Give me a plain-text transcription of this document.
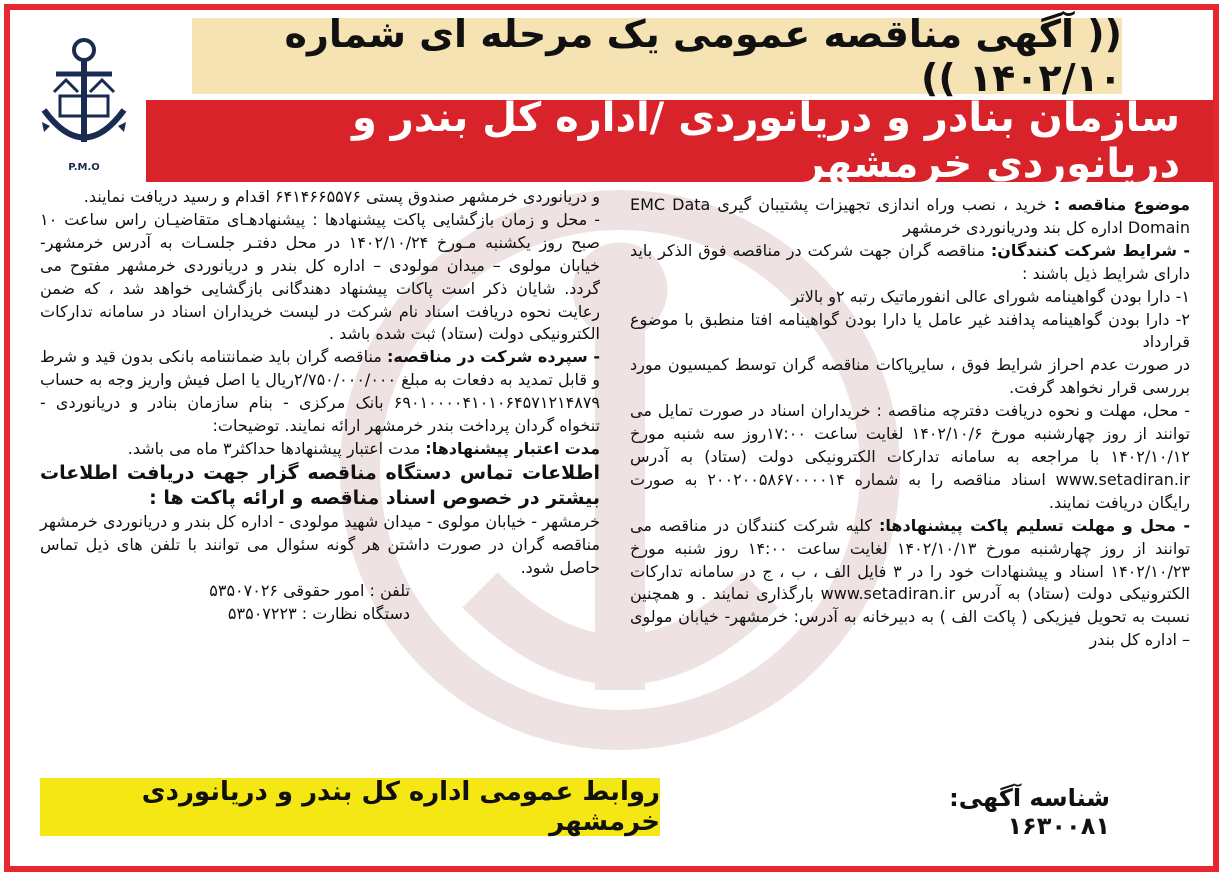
P.M.O
(( آگهی مناقصه عمومی یک مرحله ای شماره ۱۴۰۲/۱۰ ))
سازمان بنادر و دریانوردی /اداره کل بندر و دریانوردی خرمشهر

موضوع مناقصه : خرید ، نصب وراه اندازی تجهیزات پشتیبان گیری EMC Data Domain اداره کل بند ودریانوردی خرمشهر

- شرایط شرکت کنندگان: مناقصه گران جهت شرکت در مناقصه فوق الذکر باید دارای شرایط ذیل باشند :

۱- دارا بودن گواهینامه شورای عالی انفورماتیک رتبه ۲و بالاتر

۲- دارا بودن گواهینامه پدافند غیر عامل یا دارا بودن گواهینامه افتا منطبق با موضوع قرارداد

در صورت عدم احراز شرایط فوق ، سایرپاکات مناقصه گران توسط کمیسیون مورد بررسی قرار نخواهد گرفت.

- محل، مهلت و نحوه دریافت دفترچه مناقصه : خریداران اسناد در صورت تمایل می توانند از روز چهارشنبه مورخ ۱۴۰۲/۱۰/۶ لغایت ساعت ۱۷:۰۰روز سه شنبه مورخ ۱۴۰۲/۱۰/۱۲ با مراجعه به سامانه تدارکات الکترونیکی دولت (ستاد) به آدرس www.setadiran.ir اسناد مناقصه را به شماره ۲۰۰۲۰۰۵۸۶۷۰۰۰۰۱۴ به صورت رایگان دریافت نمایند.

- محل و مهلت تسلیم پاکت پیشنهادها: کلیه شرکت کنندگان در مناقصه می توانند از روز چهارشنبه مورخ ۱۴۰۲/۱۰/۱۳ لغایت ساعت ۱۴:۰۰ روز شنبه مورخ ۱۴۰۲/۱۰/۲۳ اسناد و پیشنهادات خود را در ۳ فایل الف ، ب ، ج در سامانه تدارکات الکترونیکی دولت (ستاد) به آدرس www.setadiran.ir بارگذاری نمایند . و همچنین نسبت به تحویل فیزیکی ( پاکت الف ) به دبیرخانه به آدرس: خرمشهر- خیابان مولوی – اداره کل بندر

و دریانوردی خرمشهر صندوق پستی ۶۴۱۴۶۶۵۵۷۶ اقدام و رسید دریافت نمایند.

- محل و زمان بازگشایی پاکت پیشنهادها : پیشنهادهـای متقاضیـان راس ساعت ۱۰ صبح روز یکشنبه مـورخ ۱۴۰۲/۱۰/۲۴ در محل دفتـر جلسـات به آدرس خرمشهر- خیابان مولوی – میدان مولودی – اداره کل بندر و دریانوردی خرمشهر مفتوح می گردد. شایان ذکر است پاکات پیشنهاد دهندگانی بازگشایی خواهد شد ، که ضمن رعایت نحوه دریافت اسناد نام شرکت در لیست خریداران اسناد در سامانه تدارکات الکترونیکی دولت (ستاد) ثبت شده باشد .

- سپرده شرکت در مناقصه: مناقصه گران باید ضمانتنامه بانکی بدون قید و شرط و قابل تمدید به دفعات به مبلغ ۲/۷۵۰/۰۰۰/۰۰۰ریال یا اصل فیش واریز وجه به حساب ۶۹۰۱۰۰۰۰۴۱۰۱۰۶۴۵۷۱۲۱۴۸۷۹ بانک مرکزی - بنام سازمان بنادر و دریانوردی - تنخواه گردان پرداخت بندر خرمشهر ارائه نمایند. توضیحات:

مدت اعتبار پیشنهادها: مدت اعتبار پیشنهادها حداکثر۳ ماه می باشد.

اطلاعات تماس دستگاه مناقصه گزار جهت دریافت اطلاعات بیشتر در خصوص اسناد مناقصه و ارائه پاکت ها :

خرمشهر - خیابان مولوی - میدان شهید مولودی - اداره کل بندر و دریانوردی خرمشهر مناقصه گران در صورت داشتن هر گونه سئوال می توانند با تلفن های ذیل تماس حاصل شود.

تلفن : امور حقوقی ۵۳۵۰۷۰۲۶

دستگاه نظارت : ۵۳۵۰۷۲۲۳

روابط عمومی اداره کل بندر و دریانوردی خرمشهر
شناسه آگهی: ۱۶۳۰۰۸۱
